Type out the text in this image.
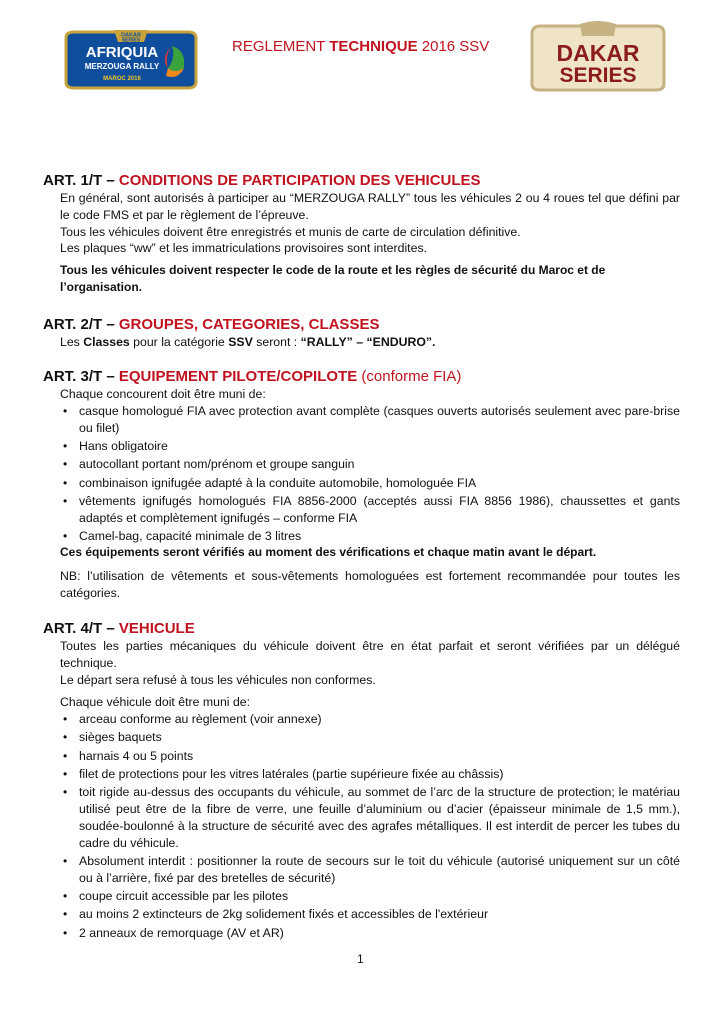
DAKAR
SERIES
AFRIQUIA
MERZOUGA RALLY
MAROC 2016
REGLEMENT TECHNIQUE 2016 SSV	DAKAR
SERIES
ART. 1/T – CONDITIONS DE PARTICIPATION DES VEHICULES

En général, sont autorisés à participer au “MERZOUGA RALLY” tous les véhicules 2 ou 4 roues tel que défini par le code FMS et par le règlement de l’épreuve.

Tous les véhicules doivent être enregistrés et munis de carte de circulation définitive.

Les plaques “ww” et les immatriculations provisoires sont interdites.

Tous les véhicules doivent respecter le code de la route et les règles de sécurité du Maroc et de l’organisation.
ART. 2/T – GROUPES, CATEGORIES, CLASSES
Les Classes pour la catégorie SSV seront : “RALLY” – “ENDURO”.
ART. 3/T – EQUIPEMENT PILOTE/COPILOTE (conforme FIA)
Chaque concourent doit être muni de:
• casque homologué FIA avec protection avant complète (casques ouverts autorisés seulement avec pare-brise ou filet)
• Hans obligatoire
• autocollant portant nom/prénom et groupe sanguin
• combinaison ignifugée adapté à la conduite automobile, homologuée FIA
• vêtements ignifugés homologués FIA 8856-2000 (acceptés aussi FIA 8856 1986), chaussettes et gants adaptés et complètement ignifugés – conforme FIA
• Camel-bag, capacité minimale de 3 litres
Ces équipements seront vérifiés au moment des vérifications et chaque matin avant le départ.
NB: l’utilisation de vêtements et sous-vêtements homologuées est fortement recommandée pour toutes les catégories.
ART. 4/T – VEHICULE

Toutes les parties mécaniques du véhicule doivent être en état parfait et seront vérifiées par un délégué technique.

Le départ sera refusé à tous les véhicules non conformes.

Chaque véhicule doit être muni de:
• arceau conforme au règlement (voir annexe)
• sièges baquets
• harnais 4 ou 5 points
• filet de protections pour les vitres latérales (partie supérieure fixée au châssis)
• toit rigide au-dessus des occupants du véhicule, au sommet de l’arc de la structure de protection; le matériau utilisé peut être de la fibre de verre, une feuille d’aluminium ou d’acier (épaisseur minimale de 1,5 mm.), soudée-boulonné à la structure de sécurité avec des agrafes métalliques. Il est interdit de percer les tubes du cadre du véhicule.
• Absolument interdit : positionner la route de secours sur le toit du véhicule (autorisé uniquement sur un côté ou à l’arrière, fixé par des bretelles de sécurité)
• coupe circuit accessible par les pilotes
• au moins 2 extincteurs de 2kg solidement fixés et accessibles de l'extérieur
• 2 anneaux de remorquage (AV et AR)
1
